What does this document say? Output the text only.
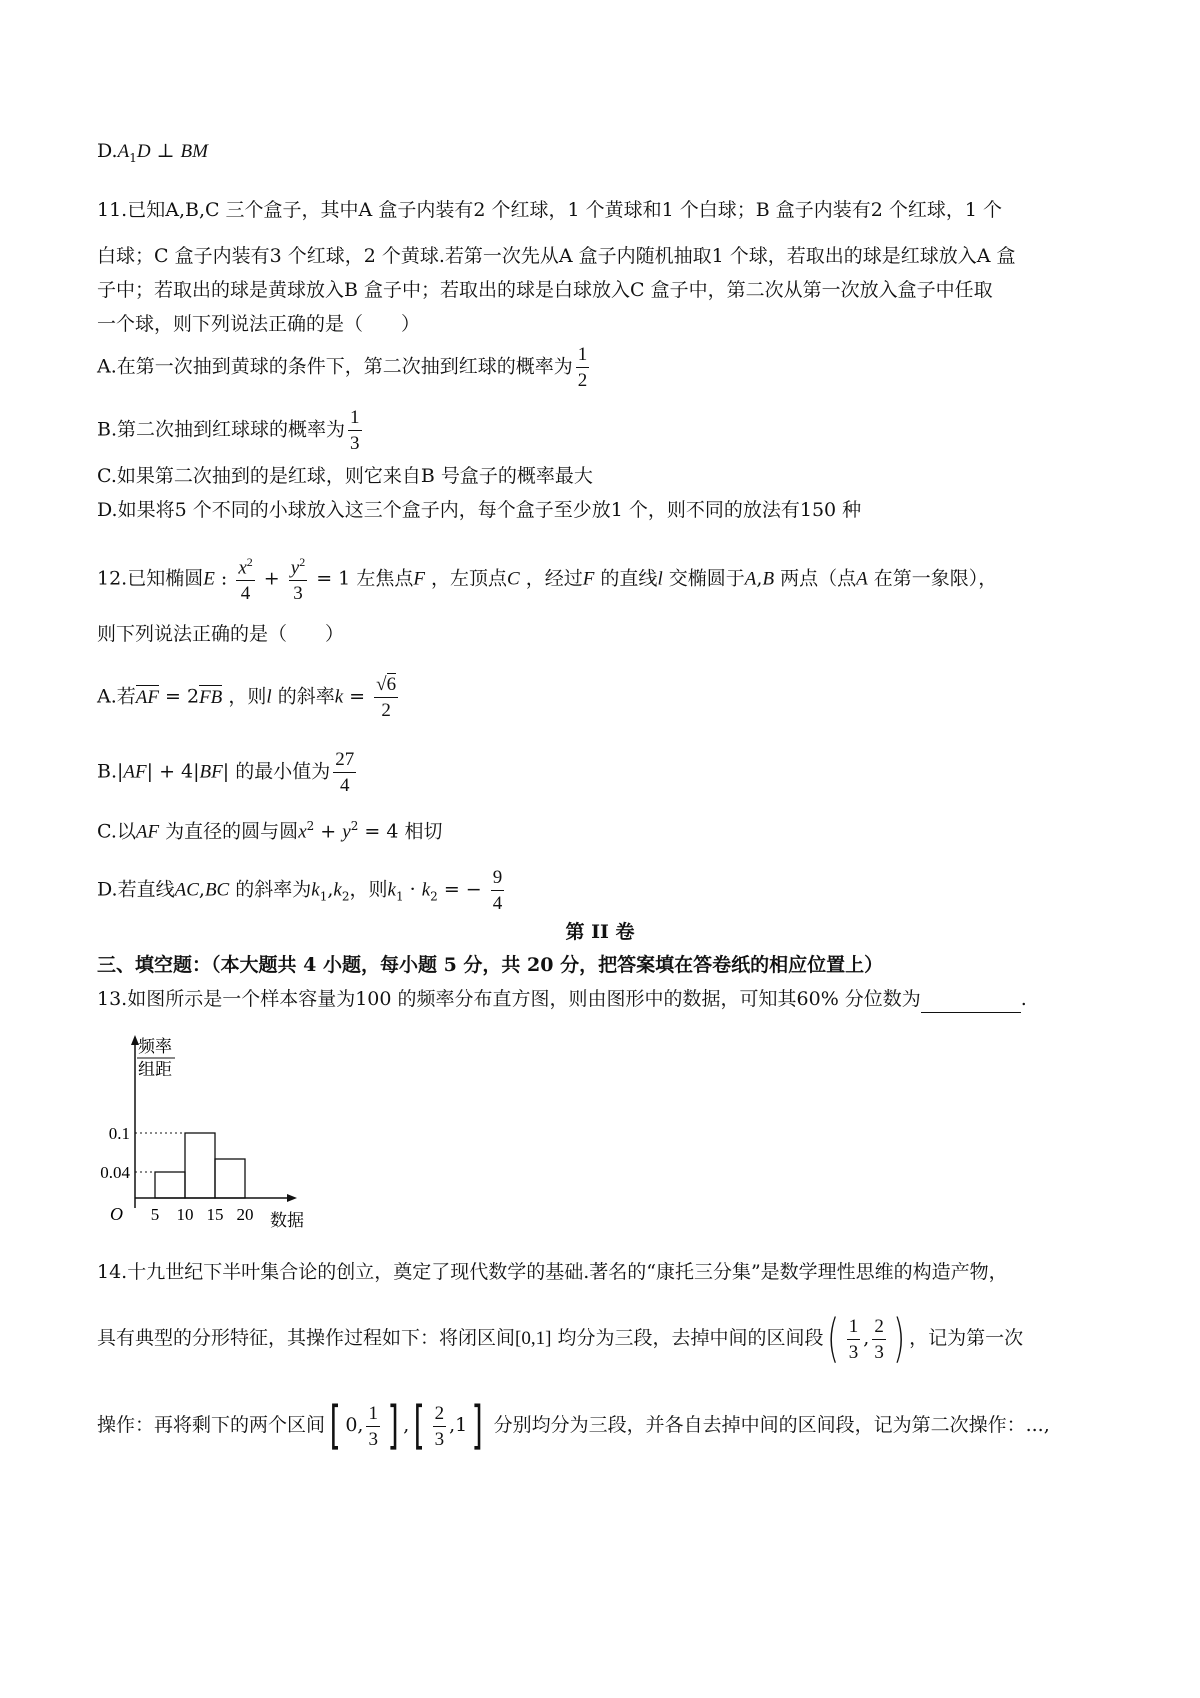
$D.A_1D$ ⊥ BM
11.已知A,B,C 三个盒子，其中A 盒子内装有2 个红球，1 个黄球和1 个白球；B 盒子内装有2 个红球，1 个
白球；C 盒子内装有3 个红球，2 个黄球.若第一次先从A 盒子内随机抽取1 个球，若取出的球是红球放入A 盒
子中；若取出的球是黄球放入B 盒子中；若取出的球是白球放入C 盒子中，第二次从第一次放入盒子中任取
一个球，则下列说法正确的是（　　）
A.在第一次抽到黄球的条件下，第二次抽到红球的概率为 $\frac{1}{2}$
B.第二次抽到红球球的概率为 $\frac{1}{3}$
C.如果第二次抽到的是红球，则它来自B 号盒子的概率最大
D.如果将5 个不同的小球放入这三个盒子内，每个盒子至少放1 个，则不同的放法有150 种
12.已知椭圆E : $\frac{x^2}{4} + \frac{y^2}{3} = 1$ 左焦点F ，左顶点C ，经过F 的直线l 交椭圆于A,B 两点（点A 在第一象限），
则下列说法正确的是（　　）
A.若AF = 2FB ，则l 的斜率$k = \frac{√6}{2}$
B.|AF| + 4|BF| 的最小值为 $\frac{27}{4}$
C.以AF 为直径的圆与圆$x^2 + y^2 = 4$ 相切
D.若直线AC,BC 的斜率为$k_1,k_2$，则$k_1 \cdot k_2$ = − $\frac{9}{4}$
第 II 卷
三、填空题：（本大题共 4 小题，每小题 5 分，共 20 分，把答案填在答卷纸的相应位置上）
13.如图所示是一个样本容量为100 的频率分布直方图，则由图形中的数据，可知其60% 分位数为	.
频率
组距
O	数据
5 10 15 20
0.04
0.1
14.十九世纪下半叶集合论的创立，奠定了现代数学的基础.著名的“康托三分集”是数学理性思维的构造产物，
具有典型的分形特征，其操作过程如下：将闭区间[0,1] 均分为三段，去掉中间的区间段( $\frac{1}{3}$ , $\frac{2}{3}$ ) ，记为第一次
操作：再将剩下的两个区间[ 0, $\frac{1}{3}$ ] ,[ $\frac{2}{3} ,1$] 分别均分为三段，并各自去掉中间的区间段，记为第二次操作：...,
